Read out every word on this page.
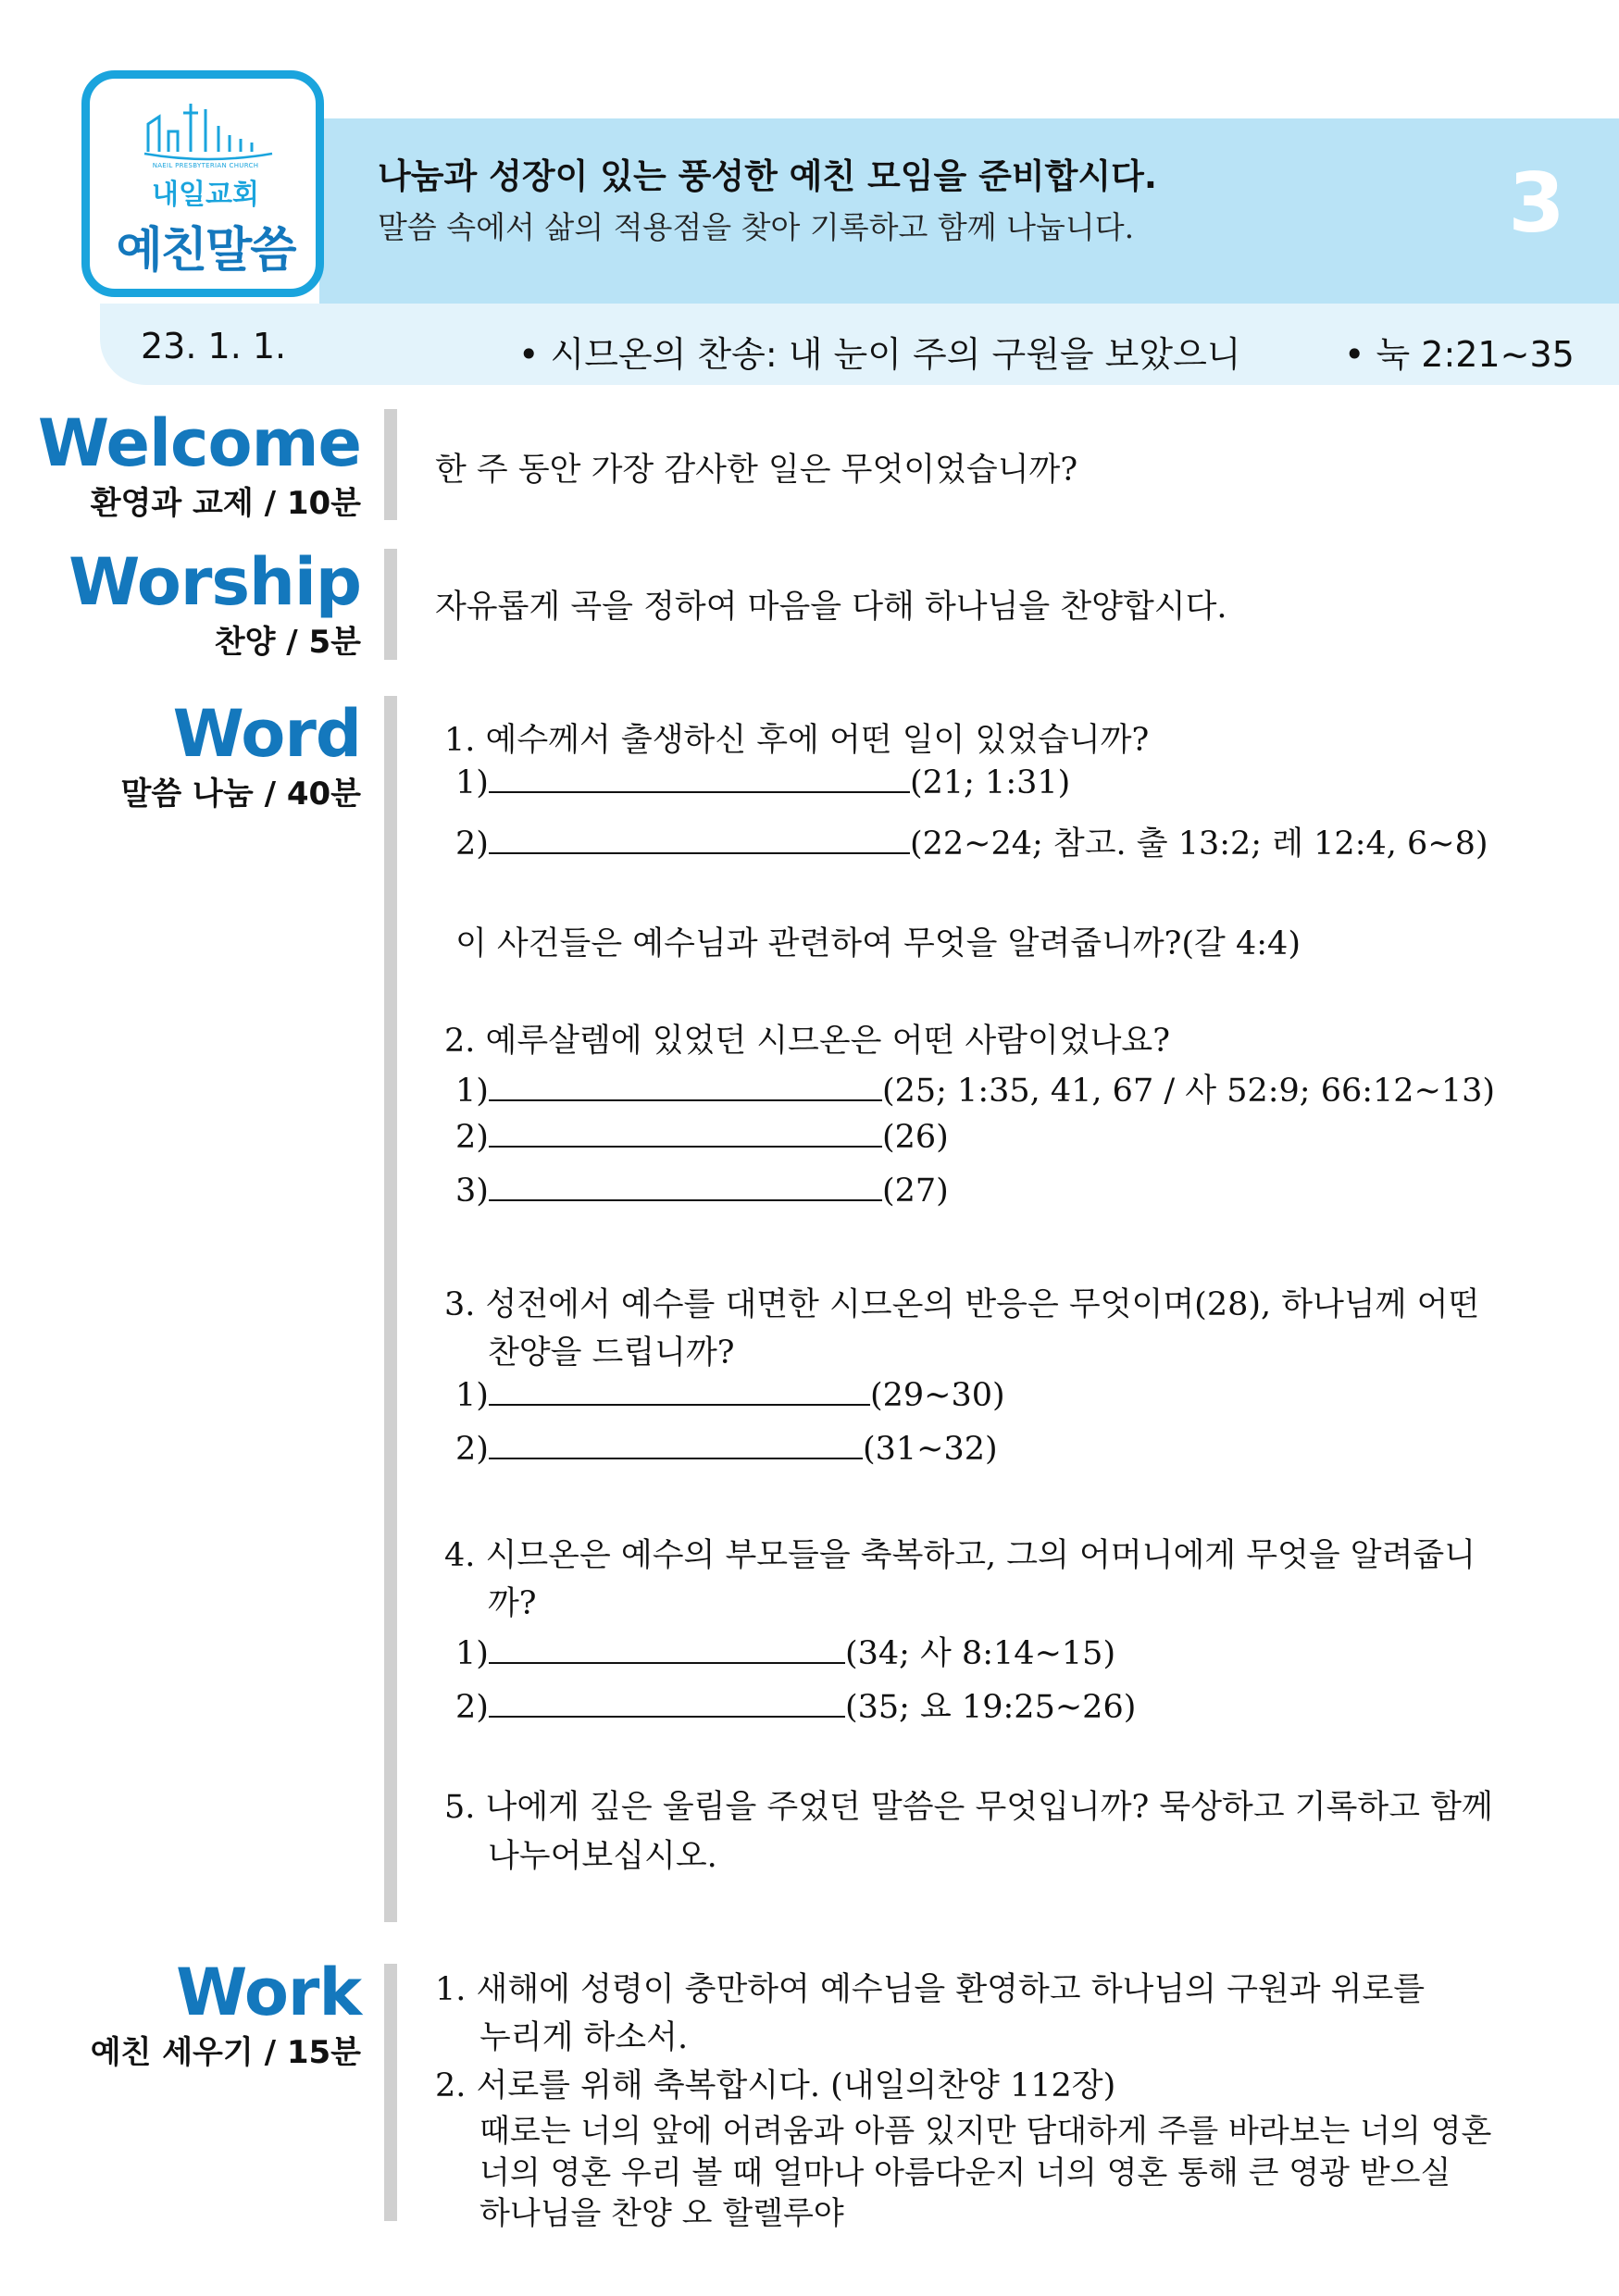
NAEIL PRESBYTERIAN CHURCH
내일교회
예친말씀
나눔과 성장이 있는 풍성한 예친 모임을 준비합시다.
말씀 속에서 삶의 적용점을 찾아 기록하고 함께 나눕니다.	3
23. 1. 1.	• 시므온의 찬송: 내 눈이 주의 구원을 보았으니	• 눅 2:21~35
Welcome
환영과 교제 / 10분
한 주 동안 가장 감사한 일은 무엇이었습니까?
Worship
찬양 / 5분
자유롭게 곡을 정하여 마음을 다해 하나님을 찬양합시다.
Word
말씀 나눔 / 40분
1. 예수께서 출생하신 후에 어떤 일이 있었습니까?
1)	(21; 1:31)
2)	(22~24; 참고. 출 13:2; 레 12:4, 6~8)
이 사건들은 예수님과 관련하여 무엇을 알려줍니까?(갈 4:4)
2. 예루살렘에 있었던 시므온은 어떤 사람이었나요?
1)	(25; 1:35, 41, 67 / 사 52:9; 66:12~13)
2)	(26)
3)	(27)
3. 성전에서 예수를 대면한 시므온의 반응은 무엇이며(28), 하나님께 어떤
찬양을 드립니까?
1)	(29~30)
2)	(31~32)
4. 시므온은 예수의 부모들을 축복하고, 그의 어머니에게 무엇을 알려줍니
까?
1)	(34; 사 8:14~15)
2)	(35; 요 19:25~26)
5. 나에게 깊은 울림을 주었던 말씀은 무엇입니까? 묵상하고 기록하고 함께
나누어보십시오.
Work
예친 세우기 / 15분
1. 새해에 성령이 충만하여 예수님을 환영하고 하나님의 구원과 위로를
누리게 하소서.
2. 서로를 위해 축복합시다. (내일의찬양 112장)
때로는 너의 앞에 어려움과 아픔 있지만 담대하게 주를 바라보는 너의 영혼
너의 영혼 우리 볼 때 얼마나 아름다운지 너의 영혼 통해 큰 영광 받으실
하나님을 찬양 오 할렐루야
